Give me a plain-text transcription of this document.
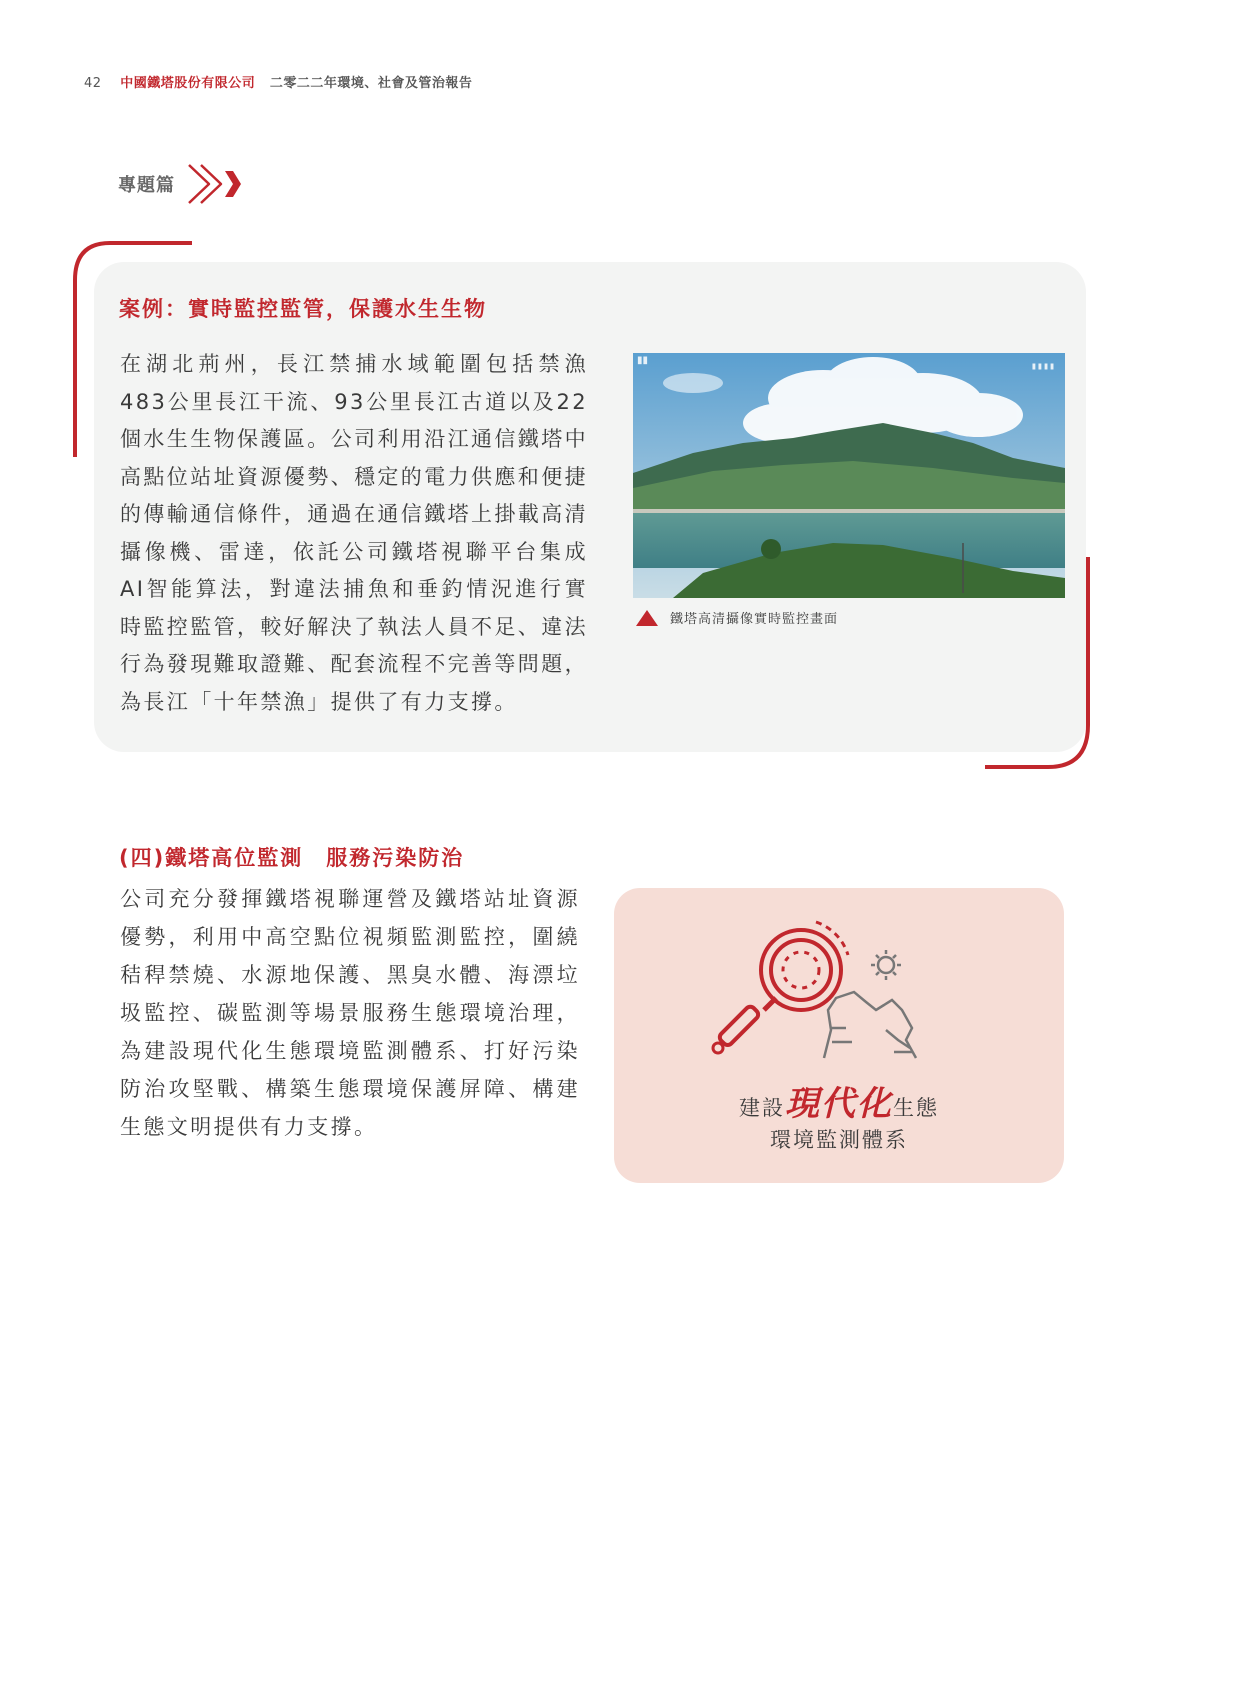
42 中國鐵塔股份有限公司 二零二二年環境、社會及管治報告
專題篇
案例：實時監控監管，保護水生生物
在湖北荊州，長江禁捕水域範圍包括禁漁483公里長江干流、93公里長江古道以及22個水生生物保護區。公司利用沿江通信鐵塔中高點位站址資源優勢、穩定的電力供應和便捷的傳輸通信條件，通過在通信鐵塔上掛載高清攝像機、雷達，依託公司鐵塔視聯平台集成AI智能算法，對違法捕魚和垂釣情況進行實時監控監管，較好解決了執法人員不足、違法行為發現難取證難、配套流程不完善等問題，為長江「十年禁漁」提供了有力支撐。
▮▮
▮▮▮▮
鐵塔高清攝像實時監控畫面
(四)鐵塔高位監測　服務污染防治
公司充分發揮鐵塔視聯運營及鐵塔站址資源優勢，利用中高空點位視頻監測監控，圍繞秸稈禁燒、水源地保護、黑臭水體、海漂垃圾監控、碳監測等場景服務生態環境治理，為建設現代化生態環境監測體系、打好污染防治攻堅戰、構築生態環境保護屏障、構建生態文明提供有力支撐。
建設現代化生態
環境監測體系
